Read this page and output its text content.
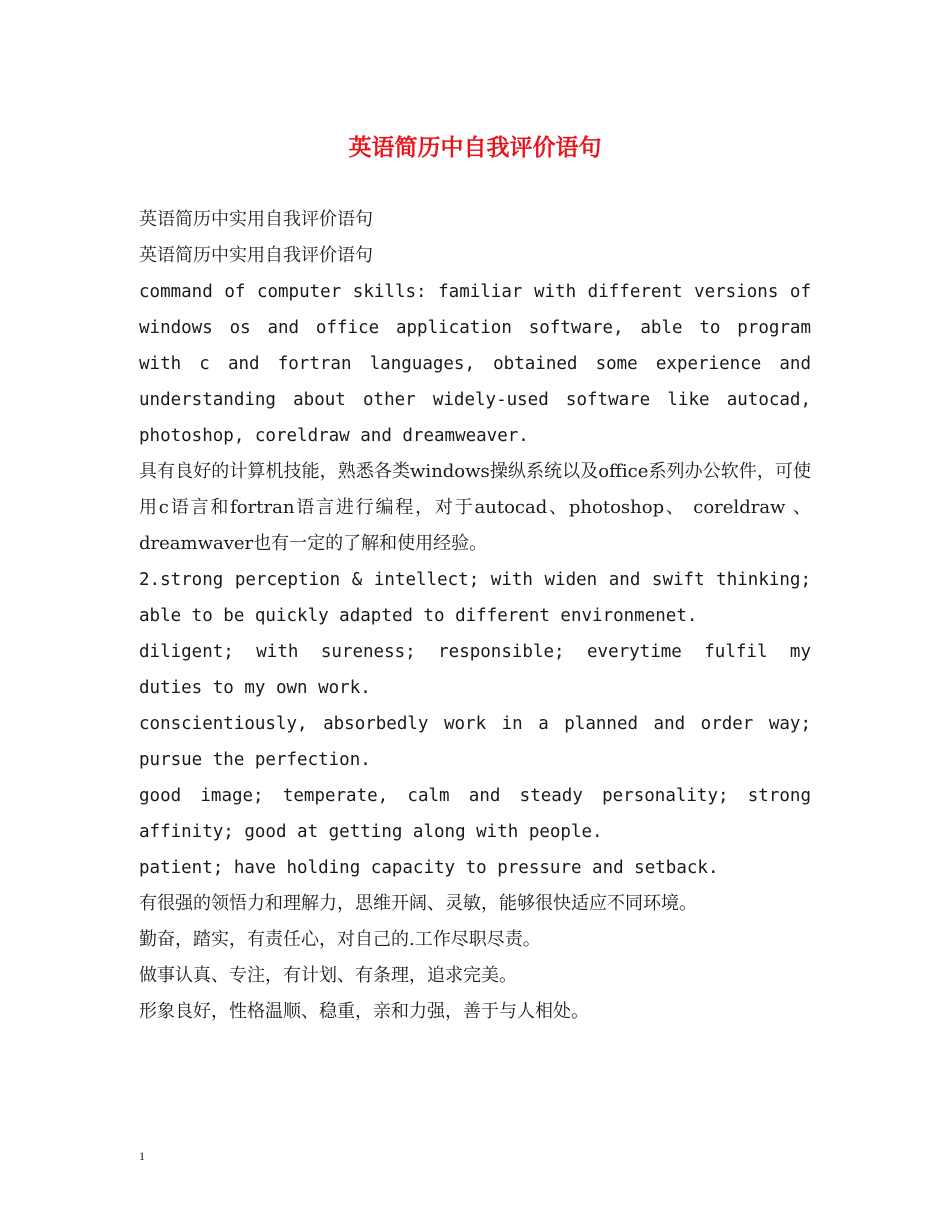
英语简历中自我评价语句

英语简历中实用自我评价语句

英语简历中实用自我评价语句

command of computer skills: familiar with different versions of windows os and office application software, able to program with c and fortran languages, obtained some experience and understanding about other widely-used software like autocad, photoshop, coreldraw and dreamweaver.

具有良好的计算机技能，熟悉各类windows操纵系统以及office系列办公软件，可使用c语言和fortran语言进行编程，对于autocad、photoshop、 coreldraw 、dreamwaver也有一定的了解和使用经验。

2.strong perception & intellect; with widen and swift thinking; able to be quickly adapted to different environmenet.

diligent; with sureness; responsible; everytime fulfil my duties to my own work.

conscientiously, absorbedly work in a planned and order way; pursue the perfection.

good image; temperate, calm and steady personality; strong affinity; good at getting along with people.

patient; have holding capacity to pressure and setback.

有很强的领悟力和理解力，思维开阔、灵敏，能够很快适应不同环境。

勤奋，踏实，有责任心，对自己的.工作尽职尽责。

做事认真、专注，有计划、有条理，追求完美。

形象良好，性格温顺、稳重，亲和力强，善于与人相处。

1
